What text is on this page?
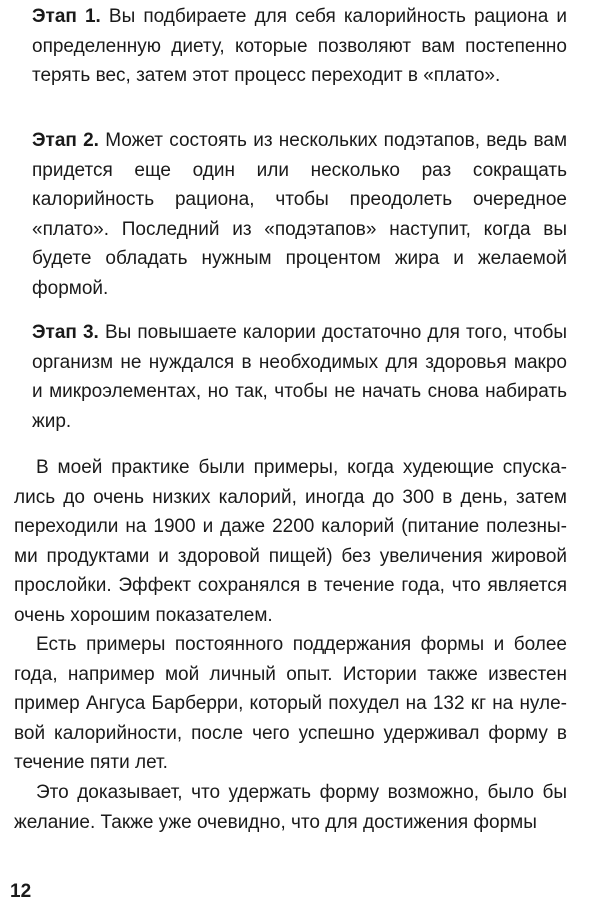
Этап 1. Вы подбираете для себя калорийность рациона и определенную диету, которые позволяют вам постепенно терять вес, затем этот процесс переходит в «плато».

Этап 2. Может состоять из нескольких подэтапов, ведь вам придется еще один или несколько раз сокращать калорийность рациона, чтобы преодолеть очередное «плато». Последний из «подэтапов» наступит, когда вы будете обладать нужным процентом жира и желаемой формой.

Этап 3. Вы повышаете калории достаточно для того, чтобы организм не нуждался в необходимых для здоровья макро и микроэлементах, но так, чтобы не начать снова набирать жир.

В моей практике были примеры, когда худеющие спускались до очень низких калорий, иногда до 300 в день, затем переходили на 1900 и даже 2200 калорий (питание полезными продуктами и здоровой пищей) без увеличения жировой прослойки. Эффект сохранялся в течение года, что является очень хорошим показателем.

Есть примеры постоянного поддержания формы и более года, например мой личный опыт. Истории также известен пример Ангуса Барберри, который похудел на 132 кг на нулевой калорийности, после чего успешно удерживал форму в течение пяти лет.

Это доказывает, что удержать форму возможно, было бы желание. Также уже очевидно, что для достижения формы

12
